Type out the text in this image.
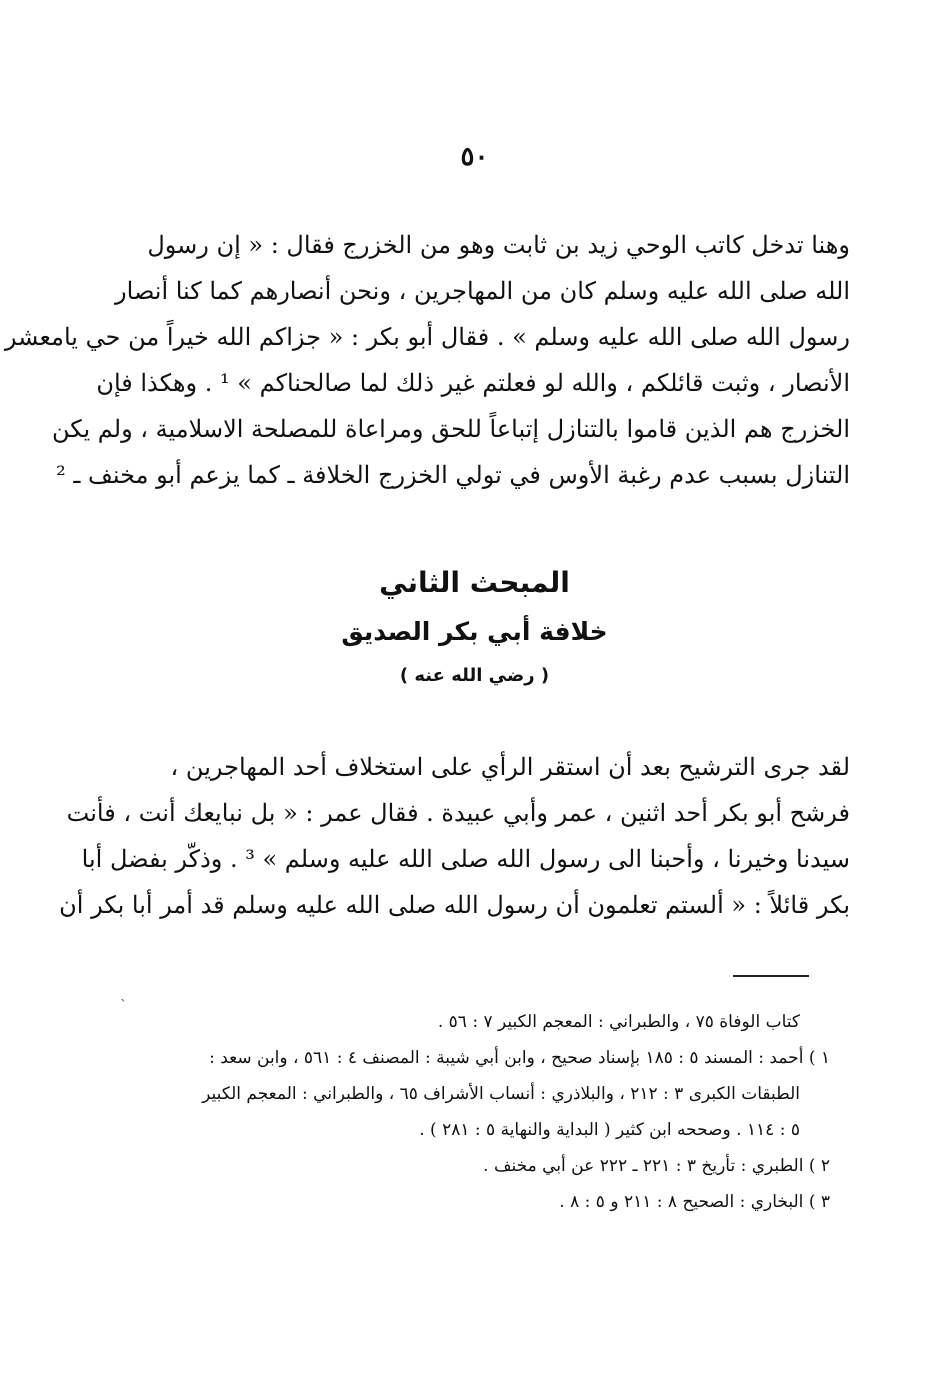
٥٠
وهنا تدخل كاتب الوحي زيد بن ثابت وهو من الخزرج فقال : « إن رسول
الله صلى الله عليه وسلم كان من المهاجرين ، ونحن أنصارهم كما كنا أنصار
رسول الله صلى الله عليه وسلم » . فقال أبو بكر : « جزاكم الله خيراً من حي يامعشر
الأنصار ، وثبت قائلكم ، والله لو فعلتم غير ذلك لما صالحناكم » ¹ . وهكذا فإن
الخزرج هم الذين قاموا بالتنازل إتباعاً للحق ومراعاة للمصلحة الاسلامية ، ولم يكن
التنازل بسبب عدم رغبة الأوس في تولي الخزرج الخلافة ـ كما يزعم أبو مخنف ـ ²
المبحث الثاني
خلافة أبي بكر الصديق
( رضي الله عنه )
لقد جرى الترشيح بعد أن استقر الرأي على استخلاف أحد المهاجرين ،
فرشح أبو بكر أحد اثنين ، عمر وأبي عبيدة . فقال عمر : « بل نبايعك أنت ، فأنت
سيدنا وخيرنا ، وأحبنا الى رسول الله صلى الله عليه وسلم » ³ . وذكّر بفضل أبا
بكر قائلاً : « ألستم تعلمون أن رسول الله صلى الله عليه وسلم قد أمر أبا بكر أن
ˎ
كتاب الوفاة ٧٥ ، والطبراني : المعجم الكبير ٧ : ٥٦ .
١ ) أحمد : المسند ٥ : ١٨٥ بإسناد صحيح ، وابن أبي شيبة : المصنف ٤ : ٥٦١ ، وابن سعد :
الطبقات الكبرى ٣ : ٢١٢ ، والبلاذري : أنساب الأشراف ٦٥ ، والطبراني : المعجم الكبير
٥ : ١١٤ . وصححه ابن كثير ( البداية والنهاية ٥ : ٢٨١ ) .
٢ ) الطبري : تأريخ ٣ : ٢٢١ ـ ٢٢٢ عن أبي مخنف .
٣ ) البخاري : الصحيح ٨ : ٢١١ و ٥ : ٨ .
